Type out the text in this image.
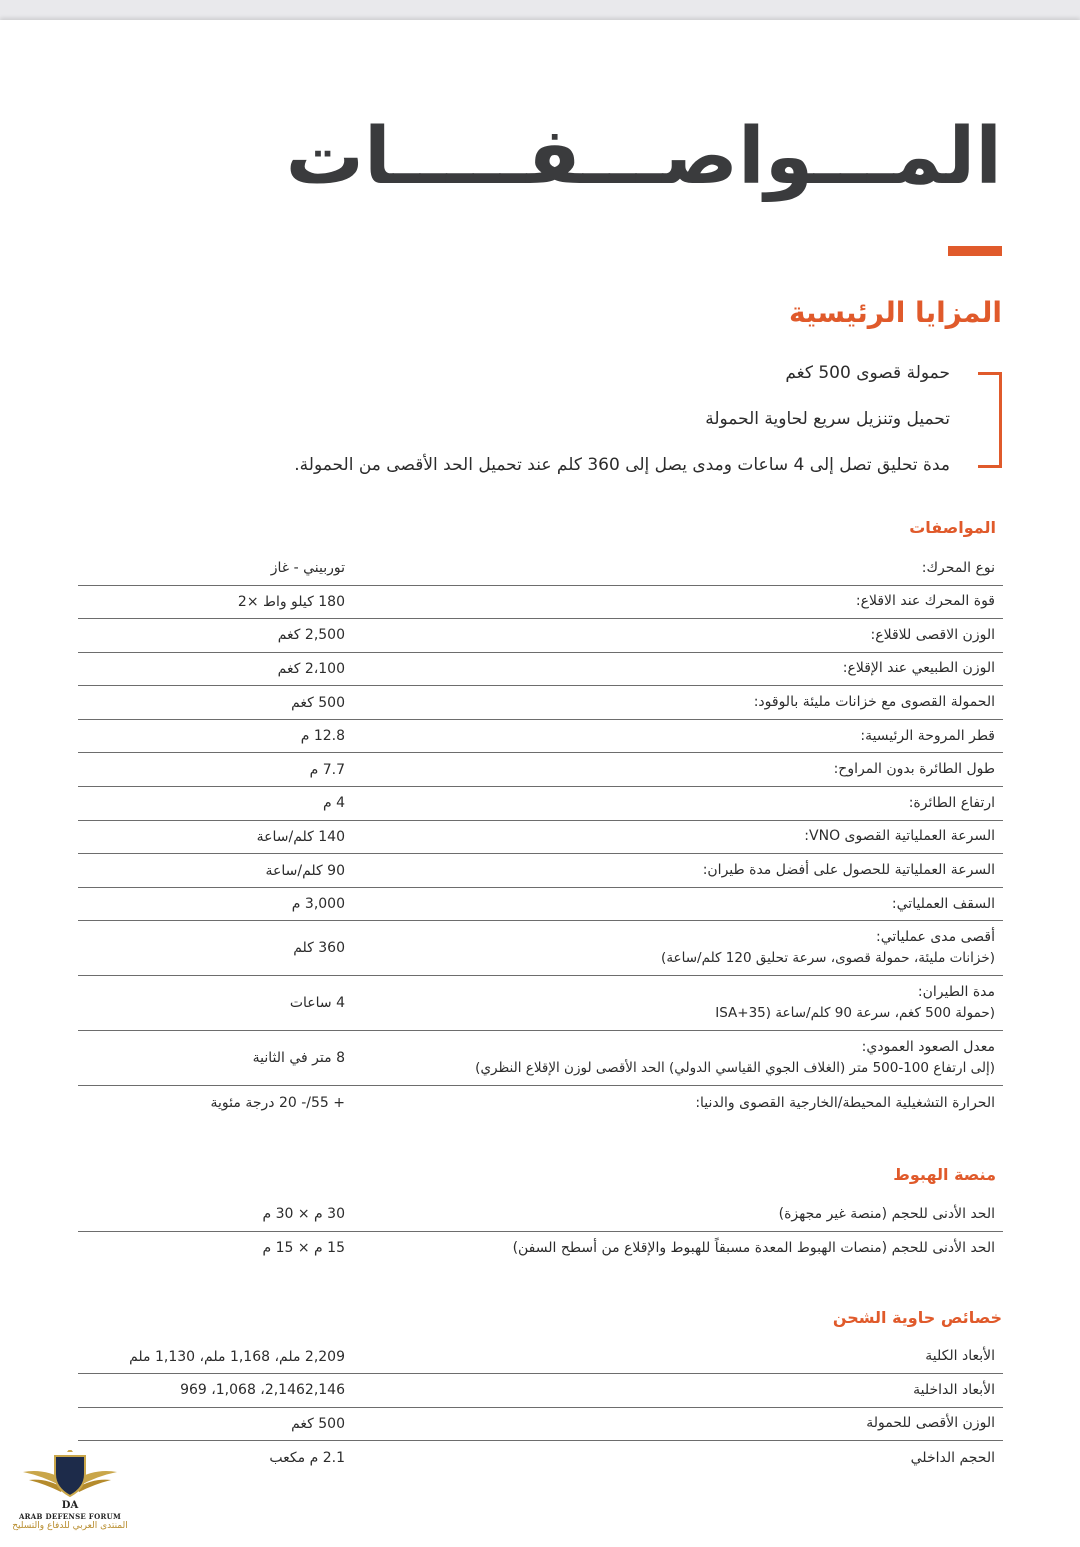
المـــواصـــفـــــات
المزايا الرئيسية
حمولة قصوى 500 كغم
تحميل وتنزيل سريع لحاوية الحمولة
مدة تحليق تصل إلى 4 ساعات ومدى يصل إلى 360 كلم عند تحميل الحد الأقصى من الحمولة.
المواصفات
نوع المحرك:	توربيني - غاز
قوة المحرك عند الاقلاع:	180 كيلو واط ×2
الوزن الاقصى للاقلاع:	2,500 كغم
الوزن الطبيعي عند الإقلاع:	2،100 كغم
الحمولة القصوى مع خزانات مليئة بالوقود:	500 كغم
قطر المروحة الرئيسية:	12.8 م
طول الطائرة بدون المراوح:	7.7 م
ارتفاع الطائرة:	4 م
السرعة العملياتية القصوى VNO:	140 كلم/ساعة
السرعة العملياتية للحصول على أفضل مدة طيران:	90 كلم/ساعة
السقف العملياتي:	3,000 م
أقصى مدى عملياتي:
(خزانات مليئة، حمولة قصوى، سرعة تحليق 120 كلم/ساعة)	360 كلم
مدة الطيران:
(حمولة 500 كغم، سرعة 90 كلم/ساعة (ISA+35	4 ساعات
معدل الصعود العمودي:
(إلى ارتفاع 100-500 متر (الغلاف الجوي القياسي الدولي) الحد الأقصى لوزن الإقلاع النظري)	8 متر في الثانية
الحرارة التشغيلية المحيطة/الخارجية القصوى والدنيا:	+ 55/- 20 درجة مئوية
منصة الهبوط
الحد الأدنى للحجم (منصة غير مجهزة)	30 م × 30 م
الحد الأدنى للحجم (منصات الهبوط المعدة مسبقاً للهبوط والإقلاع من أسطح السفن)	15 م × 15 م
خصائص حاوية الشحن
الأبعاد الكلية	2,209 ملم، 1,168 ملم، 1,130 ملم
الأبعاد الداخلية	2,1462,146، 1,068، 969
الوزن الأقصى للحمولة	500 كغم
الحجم الداخلي	2.1 م مكعب
DA
ARAB DEFENSE FORUM
المنتدى العربي للدفاع والتسليح
